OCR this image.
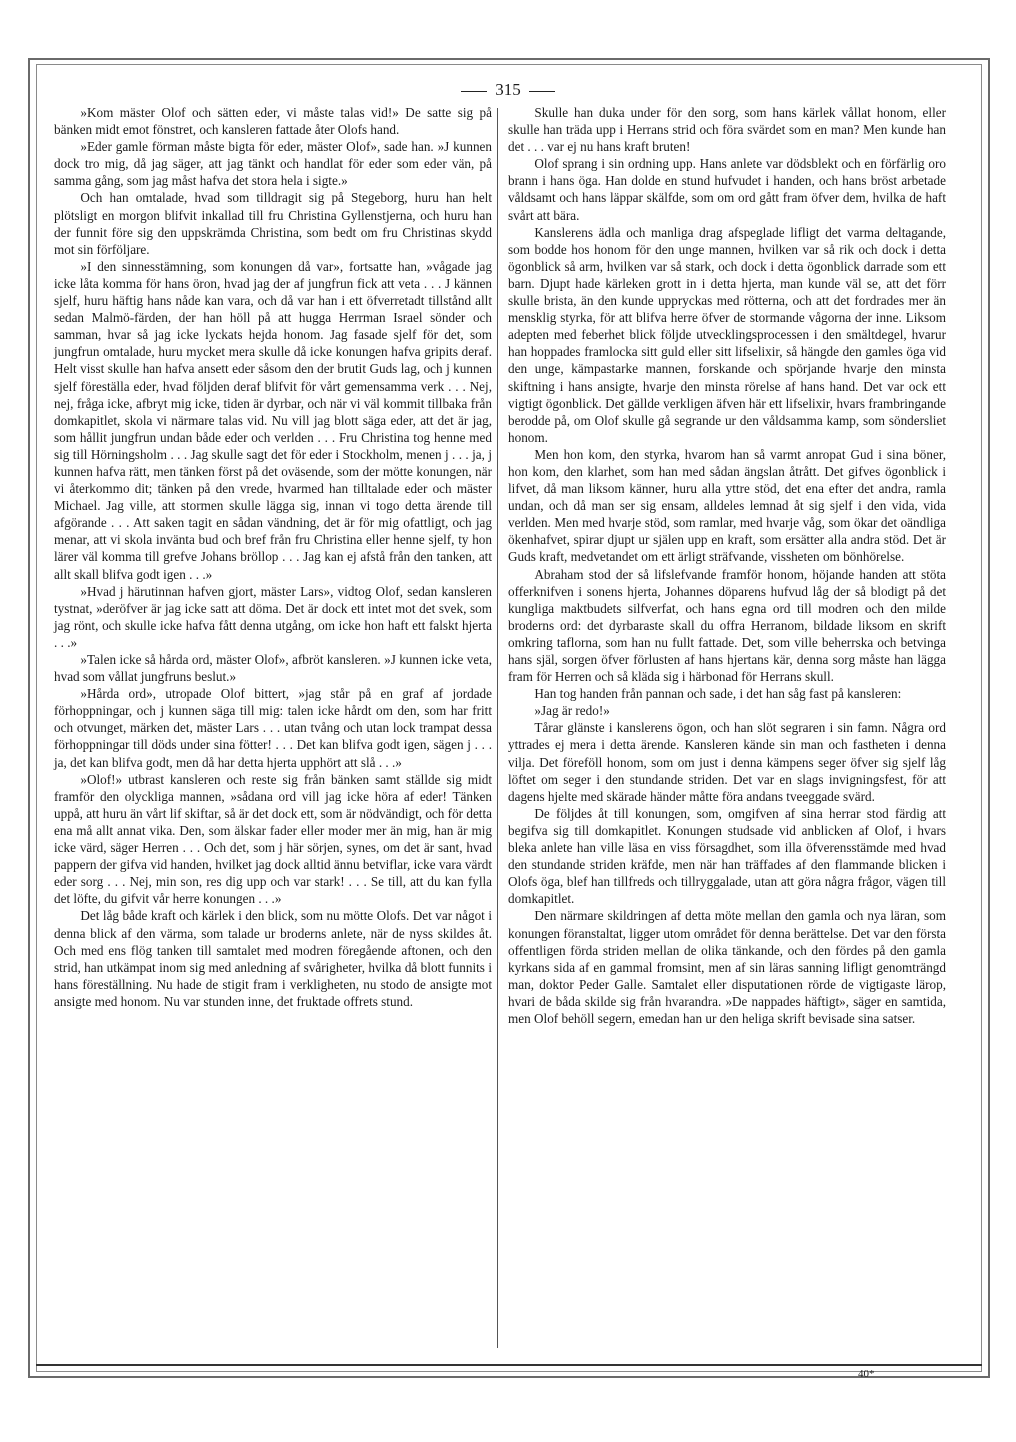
315

»Kom mäster Olof och sätten eder, vi måste talas vid!» De satte sig på bänken midt emot fönstret, och kansleren fattade åter Olofs hand.

»Eder gamle förman måste bigta för eder, mäster Olof», sade han. »J kunnen dock tro mig, då jag säger, att jag tänkt och handlat för eder som eder vän, på samma gång, som jag måst hafva det stora hela i sigte.»

Och han omtalade, hvad som tilldragit sig på Stegeborg, huru han helt plötsligt en morgon blifvit inkallad till fru Christina Gyllenstjerna, och huru han der funnit före sig den uppskrämda Christina, som bedt om fru Christinas skydd mot sin förföljare.

»I den sinnesstämning, som konungen då var», fortsatte han, »vågade jag icke låta komma för hans öron, hvad jag der af jungfrun fick att veta . . . J kännen sjelf, huru häftig hans nåde kan vara, och då var han i ett öfverretadt tillstånd allt sedan Malmö-färden, der han höll på att hugga Herrman Israel sönder och samman, hvar så jag icke lyckats hejda honom. Jag fasade sjelf för det, som jungfrun omtalade, huru mycket mera skulle då icke konungen hafva gripits deraf. Helt visst skulle han hafva ansett eder såsom den der brutit Guds lag, och j kunnen sjelf föreställa eder, hvad följden deraf blifvit för vårt gemensamma verk . . . Nej, nej, fråga icke, afbryt mig icke, tiden är dyrbar, och när vi väl kommit tillbaka från domkapitlet, skola vi närmare talas vid. Nu vill jag blott säga eder, att det är jag, som hållit jungfrun undan både eder och verlden . . . Fru Christina tog henne med sig till Hörningsholm . . . Jag skulle sagt det för eder i Stockholm, menen j . . . ja, j kunnen hafva rätt, men tänken först på det oväsende, som der mötte konungen, när vi återkommo dit; tänken på den vrede, hvarmed han tilltalade eder och mäster Michael. Jag ville, att stormen skulle lägga sig, innan vi togo detta ärende till afgörande . . . Att saken tagit en sådan vändning, det är för mig ofattligt, och jag menar, att vi skola invänta bud och bref från fru Christina eller henne sjelf, ty hon lärer väl komma till grefve Johans bröllop . . . Jag kan ej afstå från den tanken, att allt skall blifva godt igen . . .»

»Hvad j härutinnan hafven gjort, mäster Lars», vidtog Olof, sedan kansleren tystnat, »deröfver är jag icke satt att döma. Det är dock ett intet mot det svek, som jag rönt, och skulle icke hafva fått denna utgång, om icke hon haft ett falskt hjerta . . .»

»Talen icke så hårda ord, mäster Olof», afbröt kansleren. »J kunnen icke veta, hvad som vållat jungfruns beslut.»

»Hårda ord», utropade Olof bittert, »jag står på en graf af jordade förhoppningar, och j kunnen säga till mig: talen icke hårdt om den, som har fritt och otvunget, märken det, mäster Lars . . . utan tvång och utan lock trampat dessa förhoppningar till döds under sina fötter! . . . Det kan blifva godt igen, sägen j . . . ja, det kan blifva godt, men då har detta hjerta upphört att slå . . .»

»Olof!» utbrast kansleren och reste sig från bänken samt ställde sig midt framför den olyckliga mannen, »sådana ord vill jag icke höra af eder! Tänken uppå, att huru än vårt lif skiftar, så är det dock ett, som är nödvändigt, och för detta ena må allt annat vika. Den, som älskar fader eller moder mer än mig, han är mig icke värd, säger Herren . . . Och det, som j här sörjen, synes, om det är sant, hvad pappern der gifva vid handen, hvilket jag dock alltid ännu betviflar, icke vara värdt eder sorg . . . Nej, min son, res dig upp och var stark! . . . Se till, att du kan fylla det löfte, du gifvit vår herre konungen . . .»

Det låg både kraft och kärlek i den blick, som nu mötte Olofs. Det var något i denna blick af den värma, som talade ur broderns anlete, när de nyss skildes åt. Och med ens flög tanken till samtalet med modren föregående aftonen, och den strid, han utkämpat inom sig med anledning af svårigheter, hvilka då blott funnits i hans föreställning. Nu hade de stigit fram i verkligheten, nu stodo de ansigte mot ansigte med honom. Nu var stunden inne, det fruktade offrets stund.

Skulle han duka under för den sorg, som hans kärlek vållat honom, eller skulle han träda upp i Herrans strid och föra svärdet som en man? Men kunde han det . . . var ej nu hans kraft bruten!

Olof sprang i sin ordning upp. Hans anlete var dödsblekt och en förfärlig oro brann i hans öga. Han dolde en stund hufvudet i handen, och hans bröst arbetade våldsamt och hans läppar skälfde, som om ord gått fram öfver dem, hvilka de haft svårt att bära.

Kanslerens ädla och manliga drag afspeglade lifligt det varma deltagande, som bodde hos honom för den unge mannen, hvilken var så rik och dock i detta ögonblick så arm, hvilken var så stark, och dock i detta ögonblick darrade som ett barn. Djupt hade kärleken grott in i detta hjerta, man kunde väl se, att det förr skulle brista, än den kunde uppryckas med rötterna, och att det fordrades mer än mensklig styrka, för att blifva herre öfver de stormande vågorna der inne. Liksom adepten med feberhet blick följde utvecklingsprocessen i den smältdegel, hvarur han hoppades framlocka sitt guld eller sitt lifselixir, så hängde den gamles öga vid den unge, kämpastarke mannen, forskande och spörjande hvarje den minsta skiftning i hans ansigte, hvarje den minsta rörelse af hans hand. Det var ock ett vigtigt ögonblick. Det gällde verkligen äfven här ett lifselixir, hvars frambringande berodde på, om Olof skulle gå segrande ur den våldsamma kamp, som söndersliet honom.

Men hon kom, den styrka, hvarom han så varmt anropat Gud i sina böner, hon kom, den klarhet, som han med sådan ängslan åtrått. Det gifves ögonblick i lifvet, då man liksom känner, huru alla yttre stöd, det ena efter det andra, ramla undan, och då man ser sig ensam, alldeles lemnad åt sig sjelf i den vida, vida verlden. Men med hvarje stöd, som ramlar, med hvarje våg, som ökar det oändliga ökenhafvet, spirar djupt ur själen upp en kraft, som ersätter alla andra stöd. Det är Guds kraft, medvetandet om ett ärligt sträfvande, vissheten om bönhörelse.

Abraham stod der så lifslefvande framför honom, höjande handen att stöta offerknifven i sonens hjerta, Johannes döparens hufvud låg der så blodigt på det kungliga maktbudets silfverfat, och hans egna ord till modren och den milde broderns ord: det dyrbaraste skall du offra Herranom, bildade liksom en skrift omkring taflorna, som han nu fullt fattade. Det, som ville beherrska och betvinga hans själ, sorgen öfver förlusten af hans hjertans kär, denna sorg måste han lägga fram för Herren och så kläda sig i härbonad för Herrans skull.

Han tog handen från pannan och sade, i det han såg fast på kansleren:

»Jag är redo!»

Tårar glänste i kanslerens ögon, och han slöt segraren i sin famn. Några ord yttrades ej mera i detta ärende. Kansleren kände sin man och fastheten i denna vilja. Det föreföll honom, som om just i denna kämpens seger öfver sig sjelf låg löftet om seger i den stundande striden. Det var en slags invigningsfest, för att dagens hjelte med skärade händer måtte föra andans tveeggade svärd.

De följdes åt till konungen, som, omgifven af sina herrar stod färdig att begifva sig till domkapitlet. Konungen studsade vid anblicken af Olof, i hvars bleka anlete han ville läsa en viss försagdhet, som illa öfverensstämde med hvad den stundande striden kräfde, men när han träffades af den flammande blicken i Olofs öga, blef han tillfreds och tillryggalade, utan att göra några frågor, vägen till domkapitlet.

Den närmare skildringen af detta möte mellan den gamla och nya läran, som konungen föranstaltat, ligger utom området för denna berättelse. Det var den första offentligen förda striden mellan de olika tänkande, och den fördes på den gamla kyrkans sida af en gammal fromsint, men af sin läras sanning lifligt genomträngd man, doktor Peder Galle. Samtalet eller disputationen rörde de vigtigaste lärор, hvari de båda skilde sig från hvarandra. »De nappades häftigt», säger en samtida, men Olof behöll segern, emedan han ur den heliga skrift bevisade sina satser.

40*
